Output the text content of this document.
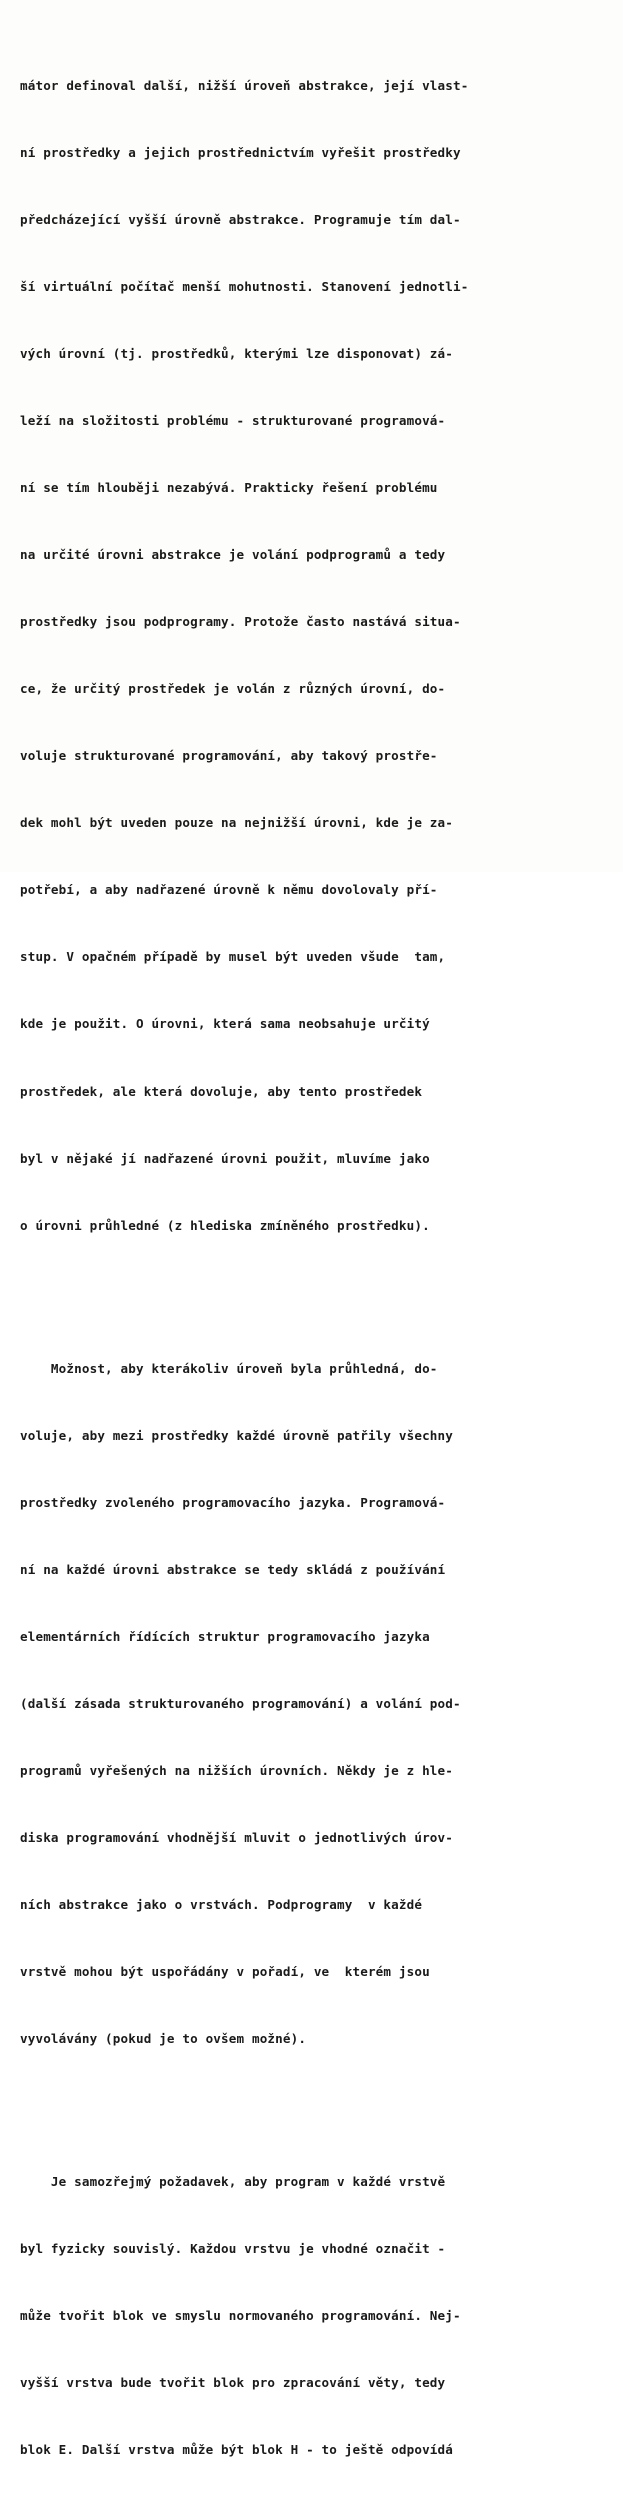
mátor definoval další, nižší úroveň abstrakce, její vlast-

ní prostředky a jejich prostřednictvím vyřešit prostředky

předcházející vyšší úrovně abstrakce. Programuje tím dal-

ší virtuální počítač menší mohutnosti. Stanovení jednotli-

vých úrovní (tj. prostředků, kterými lze disponovat) zá-

leží na složitosti problému - strukturované programová-

ní se tím hlouběji nezabývá. Prakticky řešení problému

na určité úrovni abstrakce je volání podprogramů a tedy

prostředky jsou podprogramy. Protože často nastává situa-

ce, že určitý prostředek je volán z různých úrovní, do-

voluje strukturované programování, aby takový prostře-

dek mohl být uveden pouze na nejnižší úrovni, kde je za-

potřebí, a aby nadřazené úrovně k němu dovolovaly pří-

stup. V opačném případě by musel být uveden všude  tam,

kde je použit. O úrovni, která sama neobsahuje určitý

prostředek, ale která dovoluje, aby tento prostředek

byl v nějaké jí nadřazené úrovni použit, mluvíme jako

o úrovni průhledné (z hlediska zmíněného prostředku).

Možnost, aby kterákoliv úroveň byla průhledná, do-

voluje, aby mezi prostředky každé úrovně patřily všechny

prostředky zvoleného programovacího jazyka. Programová-

ní na každé úrovni abstrakce se tedy skládá z používání

elementárních řídících struktur programovacího jazyka

(další zásada strukturovaného programování) a volání pod-

programů vyřešených na nižších úrovních. Někdy je z hle-

diska programování vhodnější mluvit o jednotlivých úrov-

ních abstrakce jako o vrstvách. Podprogramy  v každé

vrstvě mohou být uspořádány v pořadí, ve  kterém jsou

vyvolávány (pokud je to ovšem možné).

Je samozřejmý požadavek, aby program v každé vrstvě

byl fyzicky souvislý. Každou vrstvu je vhodné označit -

může tvořit blok ve smyslu normovaného programování. Nej-

vyšší vrstva bude tvořit blok pro zpracování věty, tedy

blok E. Další vrstva může být blok H - to ještě odpovídá
